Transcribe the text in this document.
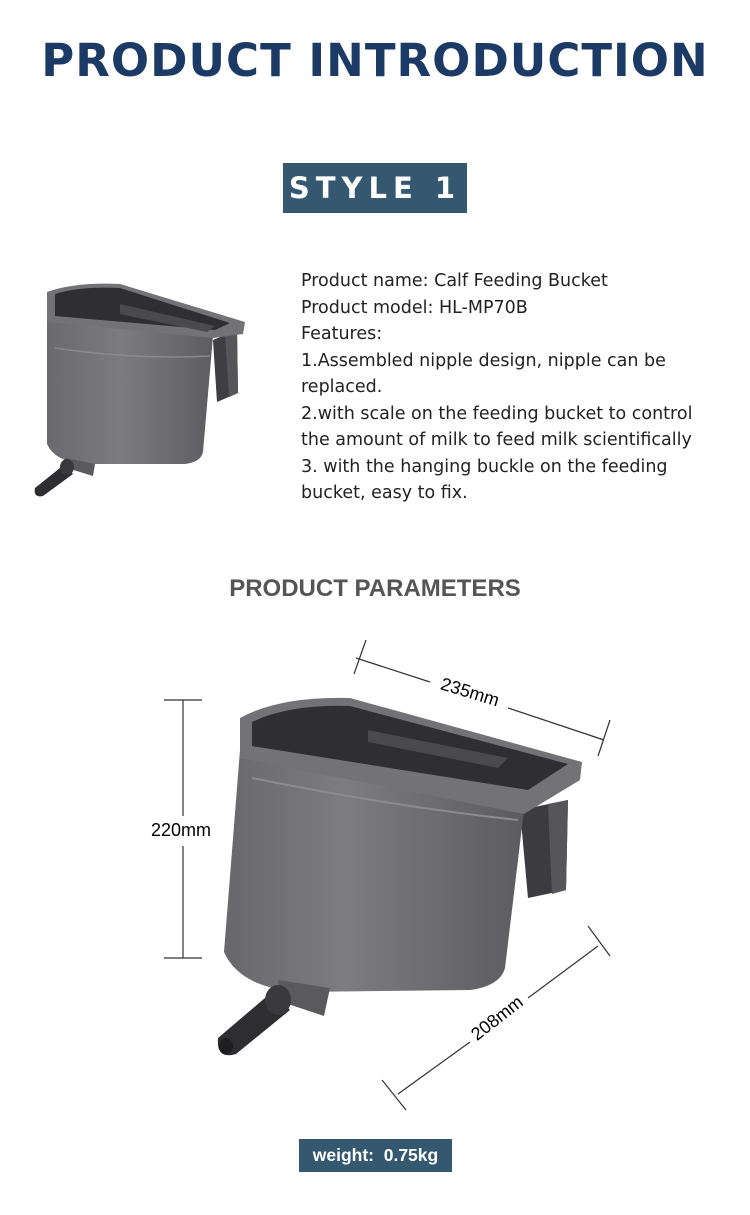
PRODUCT INTRODUCTION
STYLE 1
Product name: Calf Feeding Bucket
Product model: HL-MP70B
Features:
1.Assembled nipple design, nipple can be
replaced.
2.with scale on the feeding bucket to control
the amount of milk to feed milk scientifically
3. with the hanging buckle on the feeding
bucket, easy to fix.
PRODUCT PARAMETERS
235mm
220mm
208mm
weight:  0.75kg
